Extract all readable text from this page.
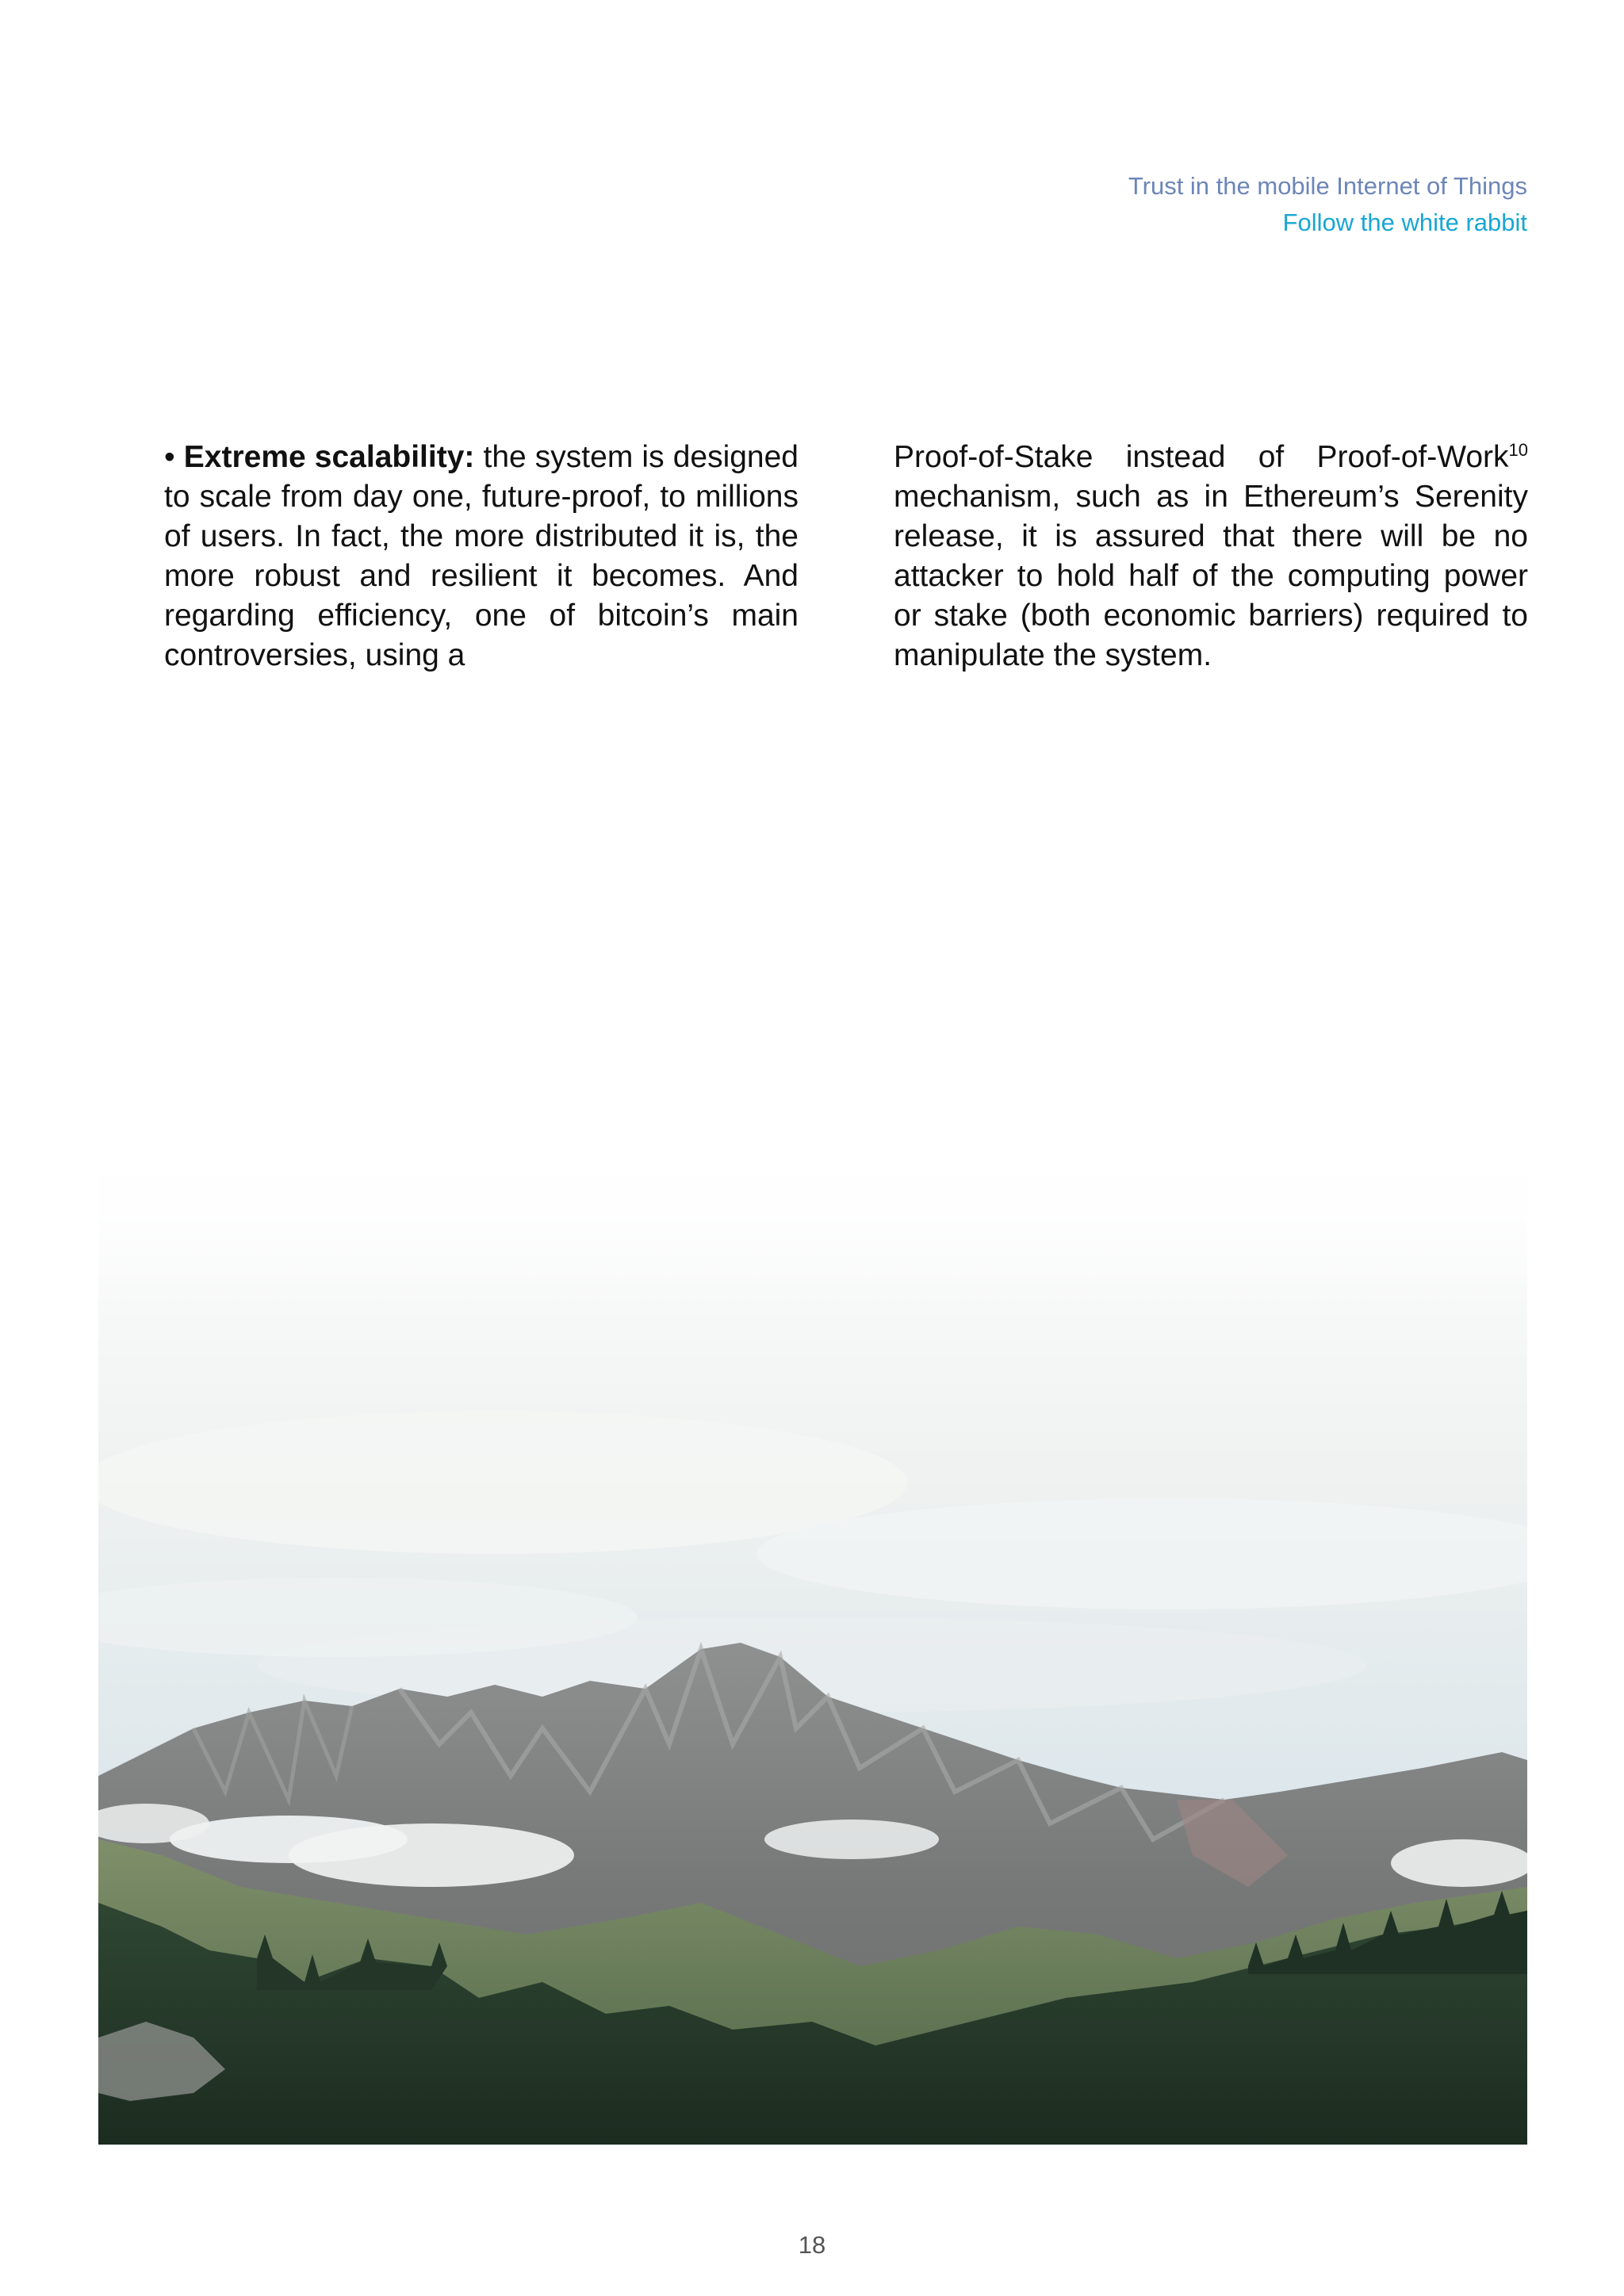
Trust in the mobile Internet of Things
Follow the white rabbit
• Extreme scalability: the system is designed to scale from day one, future-proof, to millions of users. In fact, the more distributed it is, the more robust and resilient it becomes. And regarding efficiency, one of bitcoin’s main controversies, using a
Proof-of-Stake instead of Proof-of-Work$^{10}$ mechanism, such as in Ethereum’s Serenity release, it is assured that there will be no attacker to hold half of the computing power or stake (both economic barriers) required to manipulate the system.
18
